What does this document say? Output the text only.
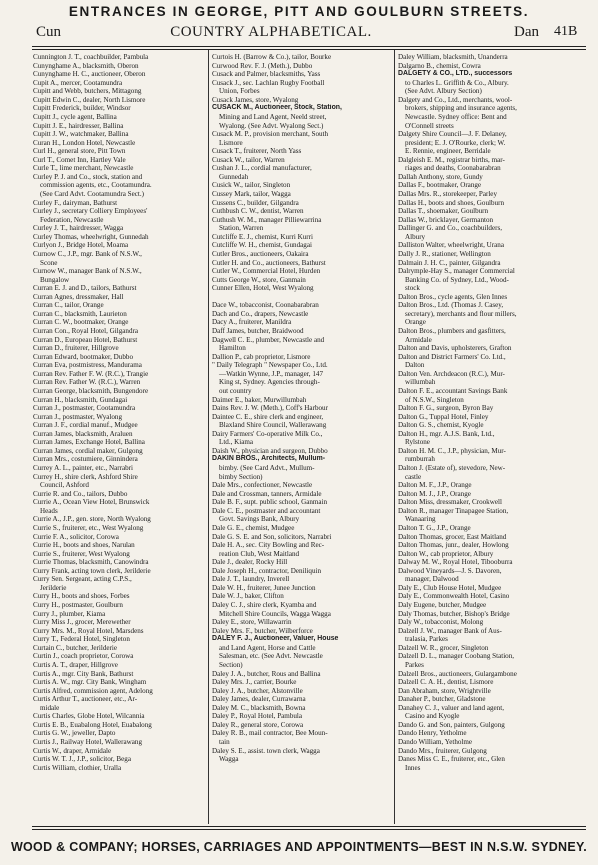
ENTRANCES IN GEORGE, PITT AND GOULBURN STREETS.
Cun	COUNTRY ALPHABETICAL.	Dan 41B
Cunnington J. T., coachbuilder, Pambula
Cunynghame A., blacksmith, Oberon
Cunynghame H. C., auctioneer, Oberon
Cupit A., mercer, Cootamundra
Cupitt and Webb, butchers, Mittagong
Cupitt Edwin C., dealer, North Lismore
Cupitt Frederick, builder, Windsor
Cupitt J., cycle agent, Ballina
Cupitt J. E., hairdresser, Ballina
Cupitt J. W., watchmaker, Ballina
Curan H., London Hotel, Newcastle
Curl H., general store, Pitt Town
Curl T., Comet Inn, Hartley Vale
Curle T., lime merchant, Newcastle
Curley P. J. and Co., stock, station and
commission agents, etc., Cootamundra.
(See Card Advt. Cootamundra Sect.)
Curley F., dairyman, Bathurst
Curley J., secretary Colliery Employees'
Federation, Newcastle
Curley J. T., hairdresser, Wagga
Curley Thomas, wheelwright, Gunnedah
Curlyon J., Bridge Hotel, Moama
Curnow C., J.P., mgr. Bank of N.S.W.,
Scone
Curnow W., manager Bank of N.S.W.,
Bungalow
Curran E. J. and D., tailors, Bathurst
Curran Agnes, dressmaker, Hall
Curran C., tailor, Orange
Curran C., blacksmith, Laurieton
Curran C. W., bootmaker, Orange
Curran Con., Royal Hotel, Gilgandra
Curran D., Europeau Hotel, Bathurst
Curran D., fruiterer, Hillgrove
Curran Edward, bootmaker, Dubbo
Curran Eva, postmistress, Mandurama
Curran Rev. Father F. W. (R.C.), Trangie
Curran Rev. Father W. (R.C.), Warren
Curran George, blacksmith, Bungendore
Curran H., blacksmith, Gundagai
Curran J., postmaster, Cootamundra
Curran J., postmaster, Wyalong
Curran J. F., cordial manuf., Mudgee
Curran James, blacksmith, Araluen
Curran James, Exchange Hotel, Ballina
Curran James, cordial maker, Gulgong
Curran Mrs., costumiere, Ginnindera
Currey A. L., painter, etc., Narrabri
Currey H., shire clerk, Ashford Shire
Council, Ashford
Currie R. and Co., tailors, Dubbo
Currie A., Ocean View Hotel, Brunswick
Heads
Currie A., J.P., gen. store, North Wyalong
Currie S., fruiterer, etc., West Wyalong
Currie F. A., solicitor, Corowa
Currie H., boots and shoes, Narulan
Currie S., fruiterer, West Wyalong
Currie Thomas, blacksmith, Canowindra
Curry Frank, acting town clerk, Jerilderie
Curry Sen. Sergeant, acting C.P.S.,
Jerilderie
Curry H., boots and shoes, Forbes
Curry H., postmaster, Goulburn
Curry J., plumber, Kiama
Curry Miss J., grocer, Merewether
Curry Mrs. M., Royal Hotel, Marsdens
Curry T., Federal Hotel, Singleton
Curtain C., butcher, Jerilderie
Curtin J., coach proprietor, Corowa
Curtis A. T., draper, Hillgrove
Curtis A., mgr. City Bank, Bathurst
Curtis A. W., mgr. City Bank, Wingham
Curtis Alfred, commission agent, Adelong
Curtis Arthur T., auctioneer, etc., Ar-
midale
Curtis Charles, Globe Hotel, Wilcannia
Curtis E. B., Euabalong Hotel, Euabalong
Curtis G. W., jeweller, Dapto
Curtis J., Railway Hotel, Wallerawang
Curtis W., draper, Armidale
Curtis W. T. J., J.P., solicitor, Bega
Curtis William, clothier, Uralla
Curtois H. (Barrow & Co.), tailor, Bourke
Curwood Rev. F. J. (Meth.), Dubbo
Cusack and Palmer, blacksmiths, Yass
Cusack J., sec. Lachlan Rugby Football
Union, Forbes
Cusack James, store, Wyalong
CUSACK M., Auctioneer, Stock, Station,
Mining and Land Agent, Neeld street,
Wyalong. (See Advt. Wyalong Sect.)
Cusack M. P., provision merchant, South
Lismore
Cusack T., fruiterer, North Yass
Cusack W., tailor, Warren
Cushan J. L., cordial manufacturer,
Gunnedah
Cusick W., tailor, Singleton
Cussey Mark, tailor, Wagga
Cussens C., builder, Gilgandra
Cuthbush C. W., dentist, Warren
Cuthush W. M., manager Pilliewarrina
Station, Warren
Cutcliffe E. J., chemist, Kurri Kurri
Cutcliffe W. H., chemist, Gundagai
Cutler Bros., auctioneers, Oakaira
Cutler H. and Co., auctioneers, Bathurst
Cutler W., Commercial Hotel, Hurden
Cutts George W., store, Ganmain
Cunner Ellen, Hotel, West Wyalong

Dace W., tobacconist, Coonabarabran
Dach and Co., drapers, Newcastle
Dacy A., fruiterer, Manildra
Daff James, butcher, Braidwood
Dagwell C. E., plumber, Newcastle and
Hamilton
Dallion P., cab proprietor, Lismore
" Daily Telegraph " Newspaper Co., Ltd.
—Watkin Wynne, J.P., manager, 147
King st, Sydney. Agencies through-
out country
Daimer E., baker, Murwillumbah
Dains Rev. J. W. (Meth.), Coff's Harbour
Daintee C. E., shire clerk and engineer,
Blaxland Shire Council, Wallerawang
Dairy Farmers' Co-operative Milk Co.,
Ltd., Kiama
Daish W., physician and surgeon, Dubbo
DAKIN BROS., Architects, Mullum-
bimby. (See Card Advt., Mullum-
bimby Section)
Dale Mrs., confectioner, Newcastle
Dale and Crossman, tanners, Armidale
Dale B. F., supt. public school, Ganmain
Dale C. E., postmaster and accountant
Govt. Savings Bank, Albury
Dale G. E., chemist, Mudgee
Dale G. S. E. and Son, solicitors, Narrabri
Dale H. A., sec. City Bowling and Rec-
reation Club, West Maitland
Dale J., dealer, Rocky Hill
Dale Joseph H., contractor, Deniliquin
Dale J. T., laundry, Inverell
Dale W. H., fruiterer, Junee Junction
Dale W. J., baker, Clifton
Daley C. J., shire clerk, Kyamba and
Mitchell Shire Councils, Wagga Wagga
Daley E., store, Willawarrin
Daley Mrs. F., butcher, Wilberforce
DALEY F. J., Auctioneer, Valuer, House
and Land Agent, Horse and Cattle
Salesman, etc. (See Advt. Newcastle
Section)
Daley J. A., butcher, Rous and Ballina
Daley Mrs. J., carrier, Bourke
Daley J. A., butcher, Alstonville
Daley James, dealer, Currawarna
Daley M. C., blacksmith, Bowna
Daley P., Royal Hotel, Pambula
Daley R., general store, Corowa
Daley R. B., mail contractor, Bee Moun-
tain
Daley S. E., assist. town clerk, Wagga
Wagga
Daley William, blacksmith, Unanderra
Dalgarno B., chemist, Cowra
DALGETY & CO., LTD., successors
to Charles L. Griffith & Co., Albury.
(See Advt. Albury Section)
Dalgety and Co., Ltd., merchants, wool-
brokers, shipping and insurance agents,
Newcastle. Sydney office: Bent and
O'Connell streets
Dalgety Shire Council—J. F. Delaney,
president; E. J. O'Rourke, clerk; W.
E. Rennie, engineer, Berridale
Dalgleish E. M., registrar births, mar-
riages and deaths, Coonabarabran
Dallah Anthony, store, Gundy
Dallas F., bootmaker, Orange
Dallas Mrs. R., storekeeper, Parley
Dallas H., boots and shoes, Goulburn
Dallas T., shoemaker, Goulburn
Dallas W., bricklayer, Germanton
Dallinger G. and Co., coachbuilders,
Albury
Dalliston Walter, wheelwright, Urana
Dally J. R., stationer, Wellington
Dalmain J. H. C., painter, Gilgandra
Dalrymple-Hay S., manager Commercial
Banking Co. of Sydney, Ltd., Wood-
stock
Dalton Bros., cycle agents, Glen Innes
Dalton Bros., Ltd. (Thomas J. Casey,
secretary), merchants and flour millers,
Orange
Dalton Bros., plumbers and gasfitters,
Armidale
Dalton and Davis, upholsterers, Grafton
Dalton and District Farmers' Co. Ltd.,
Dalton
Dalton Ven. Archdeacon (R.C.), Mur-
willumbah
Dalton F. E., accountant Savings Bank
of N.S.W., Singleton
Dalton F. G., surgeon, Byron Bay
Dalton G., Tuppal Hotel, Finley
Dalton G. S., chemist, Kyogle
Dalton H., mgr. A.J.S. Bank, Ltd.,
Rylstone
Dalton H. M. C., J.P., physician, Mur-
rumburrah
Dalton J. (Estate of), stevedore, New-
castle
Dalton M. F., J.P., Orange
Dalton M. J., J.P., Orange
Dalton Miss, dressmaker, Crookwell
Dalton R., manager Tinapagee Station,
Wanaaring
Dalton T. G., J.P., Orange
Dalton Thomas, grocer, East Maitland
Dalton Thomas, junr., dealer, Howlong
Dalton W., cab proprietor, Albury
Dalway M. W., Royal Hotel, Tibooburra
Dalwood Vineyards—J. S. Davoren,
manager, Dalwood
Daly E., Club House Hotel, Mudgee
Daly E., Commonwealth Hotel, Casino
Daly Eugene, butcher, Mudgee
Daly Thomas, butcher, Bishop's Bridge
Daly W., tobacconist, Molong
Dalzell J. W., manager Bank of Aus-
tralasia, Parkes
Dalzell W. R., grocer, Singleton
Dalzell D. L., manager Coobang Station,
Parkes
Dalzell Bros., auctioneers, Gulargambone
Dalzell C. A. H., dentist, Lismore
Dan Abraham, store, Wrightville
Danaher P., butcher, Gladstone
Danahey C. J., valuer and land agent,
Casino and Kyogle
Dando G. and Son, painters, Gulgong
Dando Henry, Yetholme
Dando William, Yetholme
Dando Mrs., fruiterer, Gulgong
Danes Miss C. E., fruiterer, etc., Glen
Innes
WOOD & COMPANY; HORSES, CARRIAGES AND APPOINTMENTS—BEST IN N.S.W. SYDNEY.
